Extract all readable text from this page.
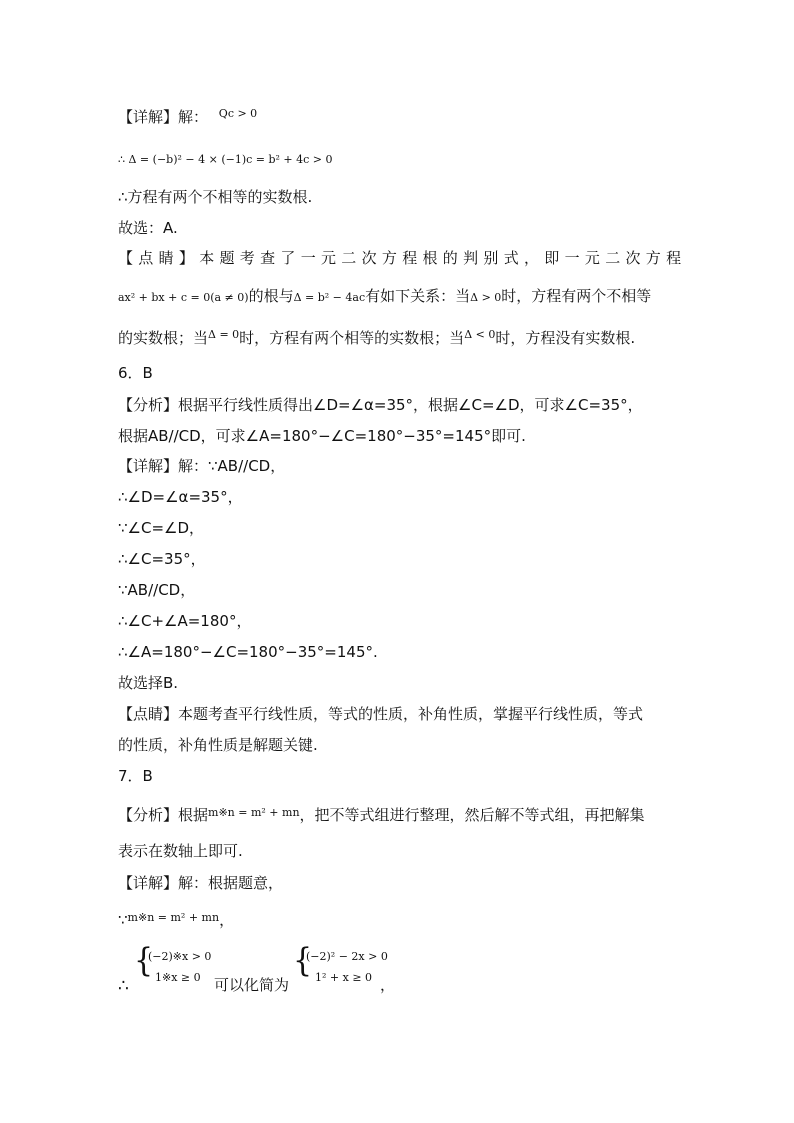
【详解】解： $^{Qc > 0}$
∴ Δ = (−b)² − 4 × (−1)c = b² + 4c > 0
∴方程有两个不相等的实数根.
故选：A.
【点睛】本题考查了一元二次方程根的判别式，即一元二次方程
ax² + bx + c = 0(a ≠ 0)的根与Δ = b² − 4ac有如下关系：当Δ > 0时，方程有两个不相等
的实数根；当$^{\Delta = 0}$时，方程有两个相等的实数根；当$^{\Delta < 0}$时，方程没有实数根.
6．B
【分析】根据平行线性质得出∠D=∠α=35°，根据∠C=∠D，可求∠C=35°，
根据AB//CD，可求∠A=180°−∠C=180°−35°=145°即可.
【详解】解：∵AB//CD，
∴∠D=∠α=35°，
∵∠C=∠D，
∴∠C=35°，
∵AB//CD，
∴∠C+∠A=180°，
∴∠A=180°−∠C=180°−35°=145°.
故选择B.
【点睛】本题考查平行线性质，等式的性质，补角性质，掌握平行线性质，等式
的性质，补角性质是解题关键.
7．B
【分析】根据$^{m※n = m^2 + mn}$，把不等式组进行整理，然后解不等式组，再把解集
表示在数轴上即可.
【详解】解：根据题意，
∵$^{m※n = m^2 + mn}$，
∴
{
(−2)※x > 0
1※x ≥ 0 可以化简为
{
(−2)² − 2x > 0
1² + x ≥ 0 ，
